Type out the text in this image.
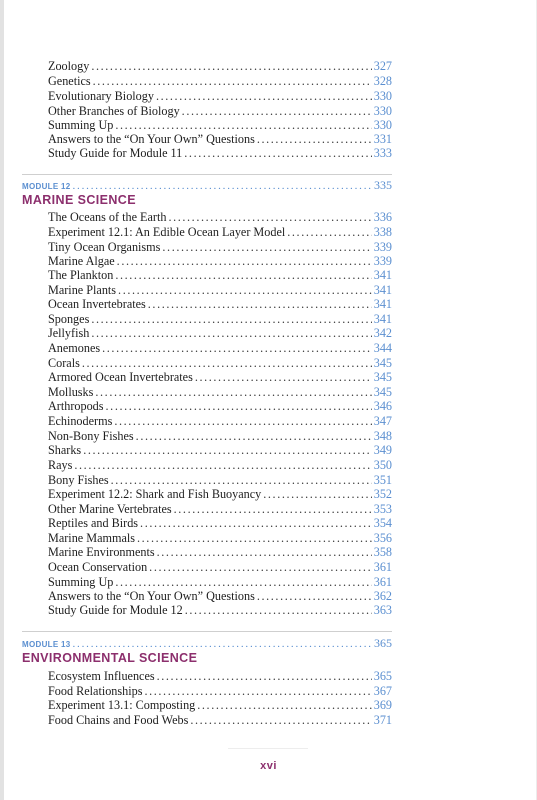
Zoology .....	327
Genetics .....	328
Evolutionary Biology .....	330
Other Branches of Biology .....	330
Summing Up .....	330
Answers to the “On Your Own” Questions .....	331
Study Guide for Module 11 .....	333
MODULE 12 .....	335
MARINE SCIENCE
The Oceans of the Earth .....	336
Experiment 12.1: An Edible Ocean Layer Model .....	338
Tiny Ocean Organisms .....	339
Marine Algae .....	339
The Plankton .....	341
Marine Plants .....	341
Ocean Invertebrates .....	341
Sponges .....	341
Jellyfish .....	342
Anemones .....	344
Corals .....	345
Armored Ocean Invertebrates .....	345
Mollusks .....	345
Arthropods .....	346
Echinoderms .....	347
Non-Bony Fishes .....	348
Sharks .....	349
Rays .....	350
Bony Fishes .....	351
Experiment 12.2: Shark and Fish Buoyancy .....	352
Other Marine Vertebrates .....	353
Reptiles and Birds .....	354
Marine Mammals .....	356
Marine Environments .....	358
Ocean Conservation .....	361
Summing Up .....	361
Answers to the “On Your Own” Questions .....	362
Study Guide for Module 12 .....	363
MODULE 13 .....	365
ENVIRONMENTAL SCIENCE
Ecosystem Influences .....	365
Food Relationships .....	367
Experiment 13.1: Composting .....	369
Food Chains and Food Webs .....	371
xvi
